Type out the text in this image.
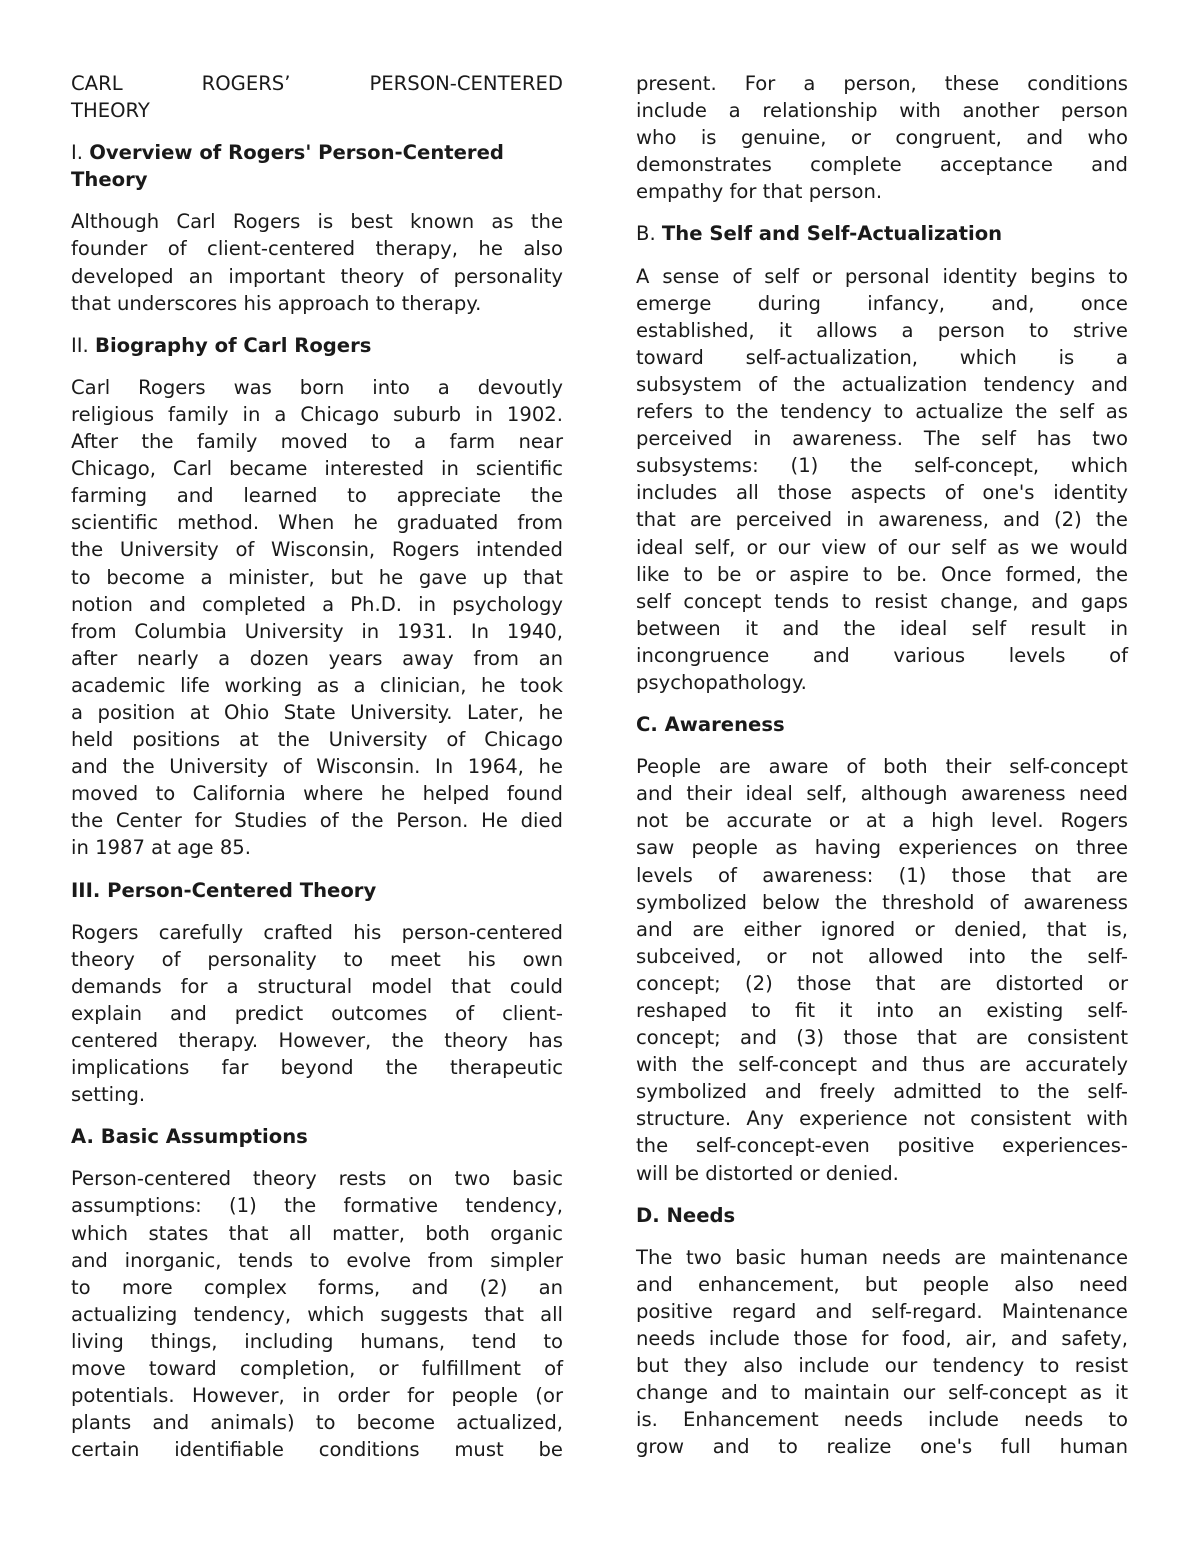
CARL	ROGERS’	PERSON-CENTERED

THEORY

I. Overview of Rogers' Person-Centered

Theory

Although Carl Rogers is best known as the

founder of client-centered therapy, he also

developed an important theory of personality

that underscores his approach to therapy.

II. Biography of Carl Rogers

Carl Rogers was born into a devoutly

religious family in a Chicago suburb in 1902.

After the family moved to a farm near

Chicago, Carl became interested in scientific

farming and learned to appreciate the

scientific method. When he graduated from

the University of Wisconsin, Rogers intended

to become a minister, but he gave up that

notion and completed a Ph.D. in psychology

from Columbia University in 1931. In 1940,

after nearly a dozen years away from an

academic life working as a clinician, he took

a position at Ohio State University. Later, he

held positions at the University of Chicago

and the University of Wisconsin. In 1964, he

moved to California where he helped found

the Center for Studies of the Person. He died

in 1987 at age 85.

III. Person-Centered Theory

Rogers carefully crafted his person-centered

theory of personality to meet his own

demands for a structural model that could

explain and predict outcomes of client-

centered therapy. However, the theory has

implications far beyond the therapeutic

setting.

A. Basic Assumptions

Person-centered theory rests on two basic

assumptions: (1) the formative tendency,

which states that all matter, both organic

and inorganic, tends to evolve from simpler

to more complex forms, and (2) an

actualizing tendency, which suggests that all

living things, including humans, tend to

move toward completion, or fulfillment of

potentials. However, in order for people (or

plants and animals) to become actualized,

certain identifiable conditions must be

present. For a person, these conditions

include a relationship with another person

who is genuine, or congruent, and who

demonstrates complete acceptance and

empathy for that person.

B. The Self and Self-Actualization

A sense of self or personal identity begins to

emerge during infancy, and, once

established, it allows a person to strive

toward self-actualization, which is a

subsystem of the actualization tendency and

refers to the tendency to actualize the self as

perceived in awareness. The self has two

subsystems: (1) the self-concept, which

includes all those aspects of one's identity

that are perceived in awareness, and (2) the

ideal self, or our view of our self as we would

like to be or aspire to be. Once formed, the

self concept tends to resist change, and gaps

between it and the ideal self result in

incongruence and various levels of

psychopathology.

C. Awareness

People are aware of both their self-concept

and their ideal self, although awareness need

not be accurate or at a high level. Rogers

saw people as having experiences on three

levels of awareness: (1) those that are

symbolized below the threshold of awareness

and are either ignored or denied, that is,

subceived, or not allowed into the self-

concept; (2) those that are distorted or

reshaped to fit it into an existing self-

concept; and (3) those that are consistent

with the self-concept and thus are accurately

symbolized and freely admitted to the self-

structure. Any experience not consistent with

the self-concept-even positive experiences-

will be distorted or denied.

D. Needs

The two basic human needs are maintenance

and enhancement, but people also need

positive regard and self-regard. Maintenance

needs include those for food, air, and safety,

but they also include our tendency to resist

change and to maintain our self-concept as it

is. Enhancement needs include needs to

grow and to realize one's full human
